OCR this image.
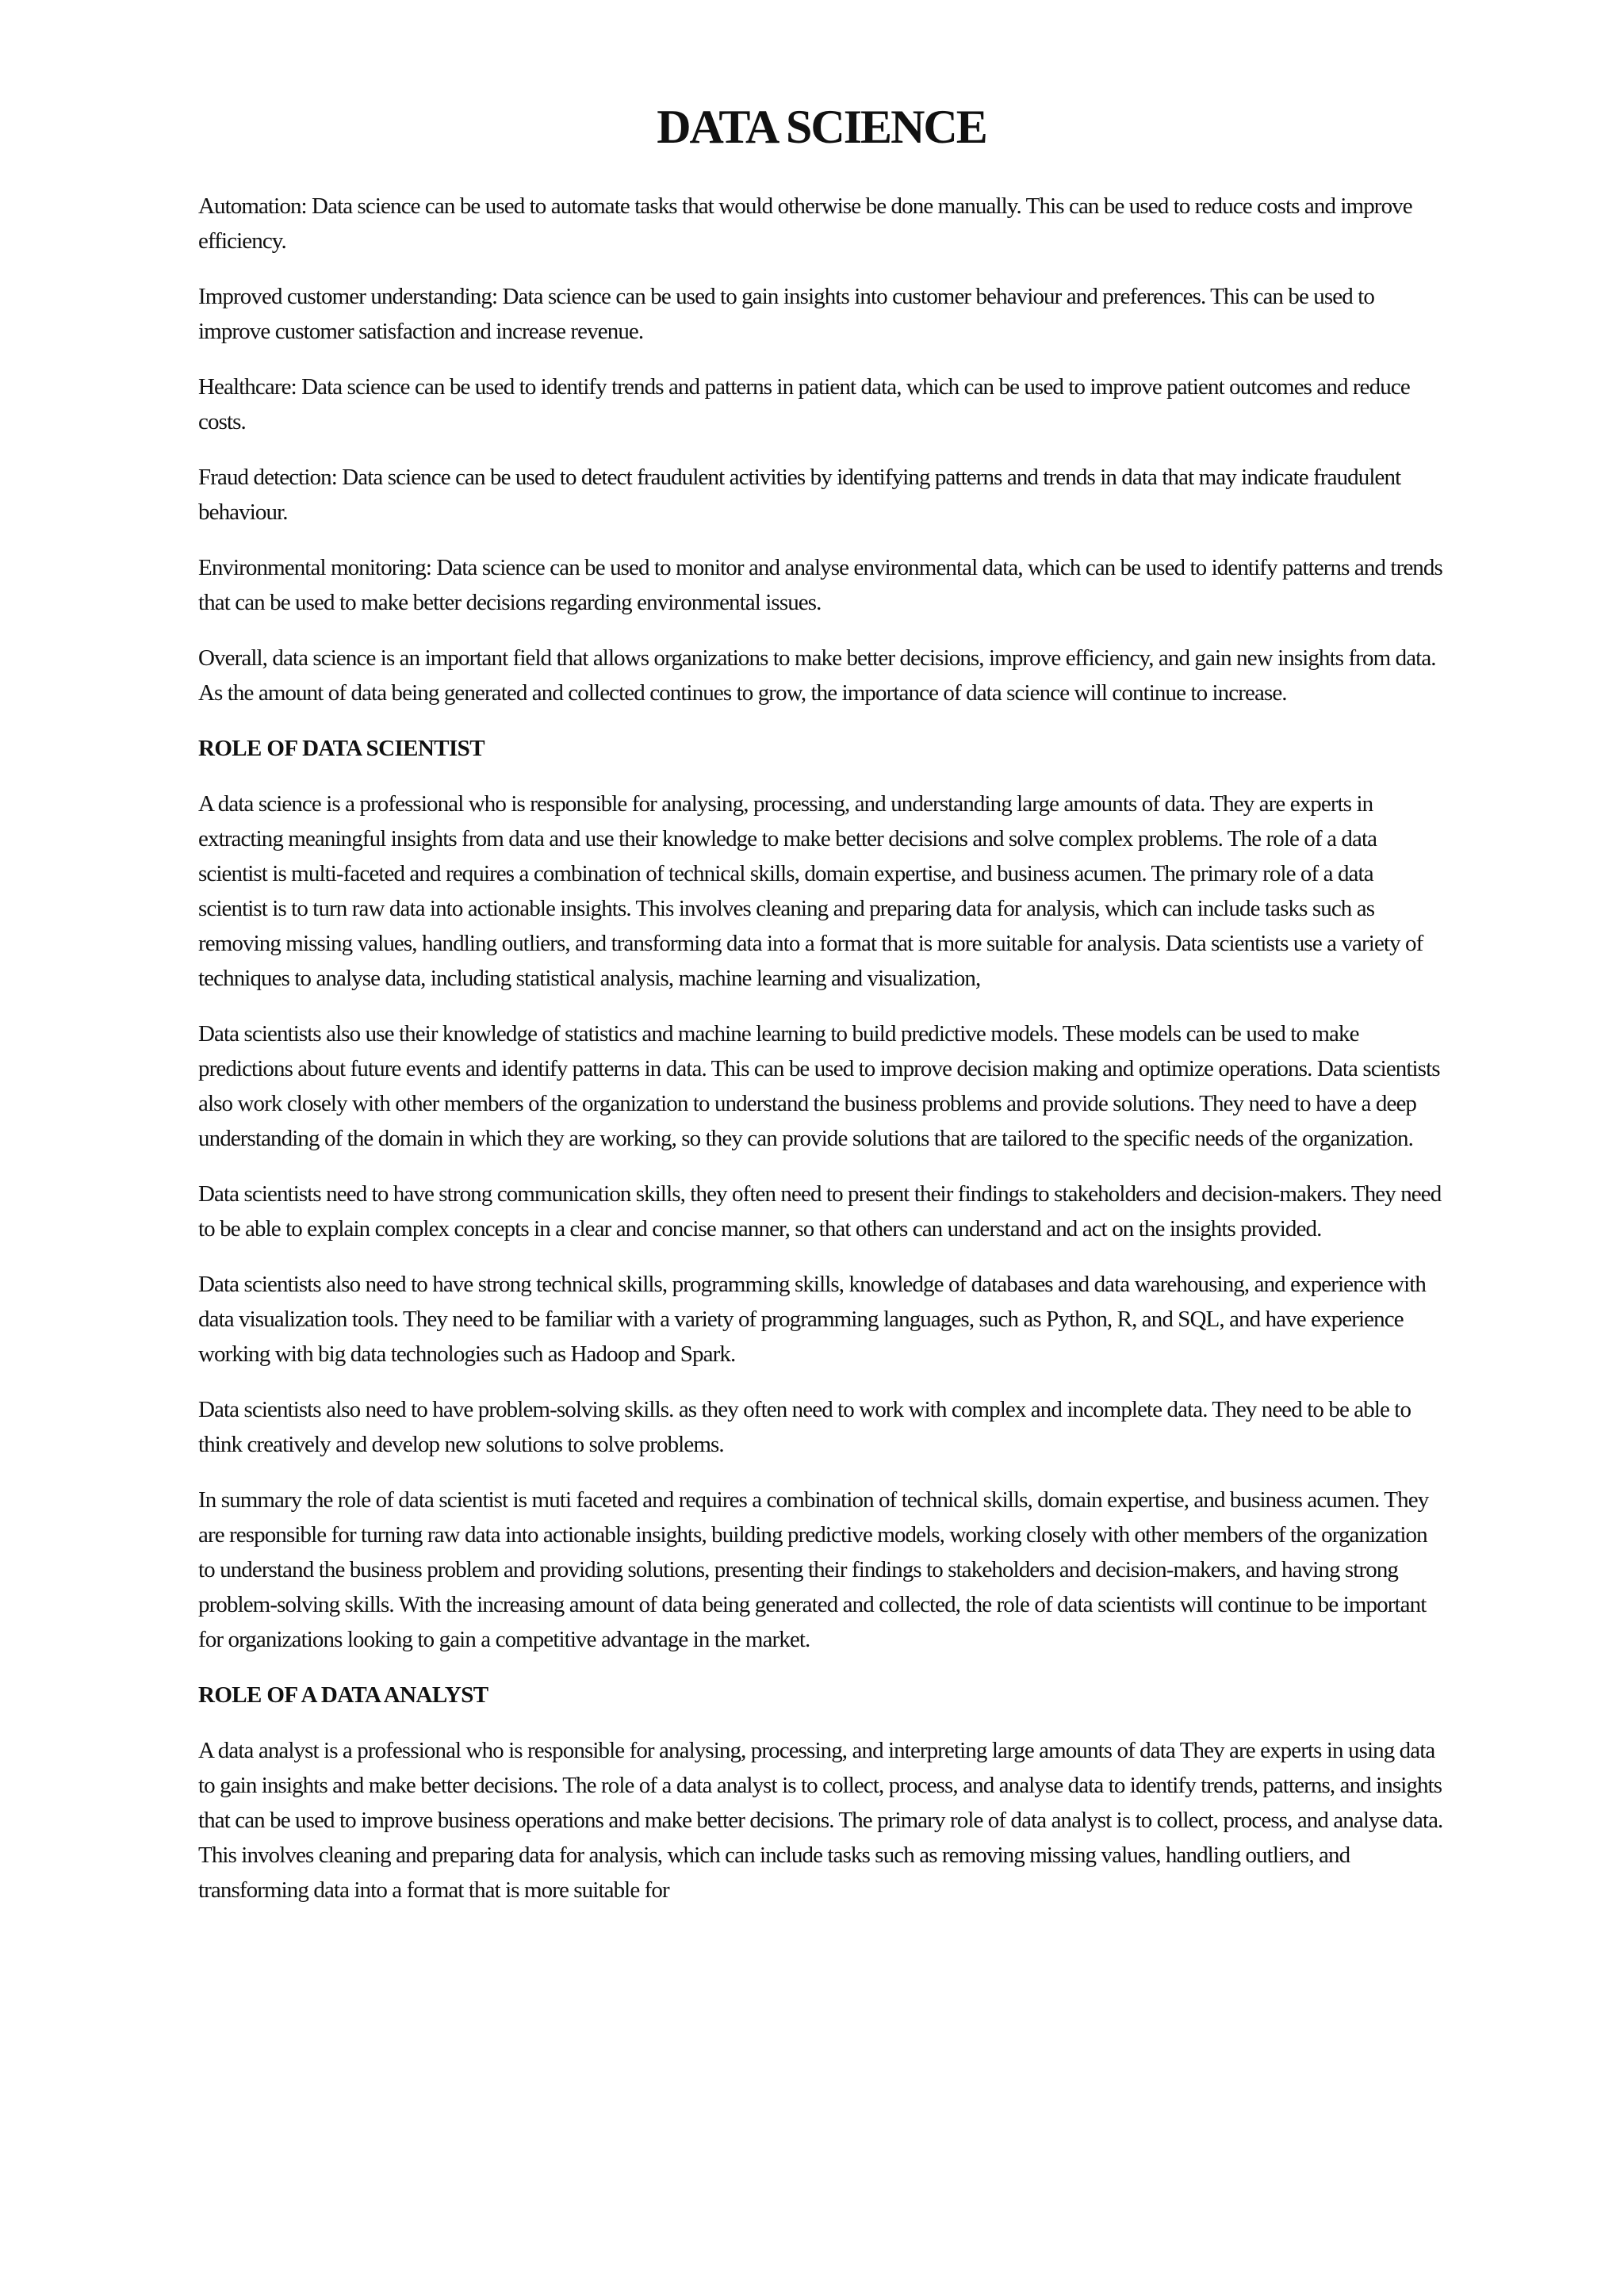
DATA SCIENCE

Automation: Data science can be used to automate tasks that would otherwise be done manually. This can be used to reduce costs and improve efficiency.

Improved customer understanding: Data science can be used to gain insights into customer behaviour and preferences. This can be used to improve customer satisfaction and increase revenue.

Healthcare: Data science can be used to identify trends and patterns in patient data, which can be used to improve patient outcomes and reduce costs.

Fraud detection: Data science can be used to detect fraudulent activities by identifying patterns and trends in data that may indicate fraudulent behaviour.

Environmental monitoring: Data science can be used to monitor and analyse environmental data, which can be used to identify patterns and trends that can be used to make better decisions regarding environmental issues.

Overall, data science is an important field that allows organizations to make better decisions, improve efficiency, and gain new insights from data. As the amount of data being generated and collected continues to grow, the importance of data science will continue to increase.

ROLE OF DATA SCIENTIST

A data science is a professional who is responsible for analysing, processing, and understanding large amounts of data. They are experts in extracting meaningful insights from data and use their knowledge to make better decisions and solve complex problems. The role of a data scientist is multi-faceted and requires a combination of technical skills, domain expertise, and business acumen. The primary role of a data scientist is to turn raw data into actionable insights. This involves cleaning and preparing data for analysis, which can include tasks such as removing missing values, handling outliers, and transforming data into a format that is more suitable for analysis. Data scientists use a variety of techniques to analyse data, including statistical analysis, machine learning and visualization,

Data scientists also use their knowledge of statistics and machine learning to build predictive models. These models can be used to make predictions about future events and identify patterns in data. This can be used to improve decision making and optimize operations. Data scientists also work closely with other members of the organization to understand the business problems and provide solutions. They need to have a deep understanding of the domain in which they are working, so they can provide solutions that are tailored to the specific needs of the organization.

Data scientists need to have strong communication skills, they often need to present their findings to stakeholders and decision-makers. They need to be able to explain complex concepts in a clear and concise manner, so that others can understand and act on the insights provided.

Data scientists also need to have strong technical skills, programming skills, knowledge of databases and data warehousing, and experience with data visualization tools. They need to be familiar with a variety of programming languages, such as Python, R, and SQL, and have experience working with big data technologies such as Hadoop and Spark.

Data scientists also need to have problem-solving skills. as they often need to work with complex and incomplete data. They need to be able to think creatively and develop new solutions to solve problems.

In summary the role of data scientist is muti faceted and requires a combination of technical skills, domain expertise, and business acumen. They are responsible for turning raw data into actionable insights, building predictive models, working closely with other members of the organization to understand the business problem and providing solutions, presenting their findings to stakeholders and decision-makers, and having strong problem-solving skills. With the increasing amount of data being generated and collected, the role of data scientists will continue to be important for organizations looking to gain a competitive advantage in the market.

ROLE OF A DATA ANALYST

A data analyst is a professional who is responsible for analysing, processing, and interpreting large amounts of data They are experts in using data to gain insights and make better decisions. The role of a data analyst is to collect, process, and analyse data to identify trends, patterns, and insights that can be used to improve business operations and make better decisions. The primary role of data analyst is to collect, process, and analyse data. This involves cleaning and preparing data for analysis, which can include tasks such as removing missing values, handling outliers, and transforming data into a format that is more suitable for
